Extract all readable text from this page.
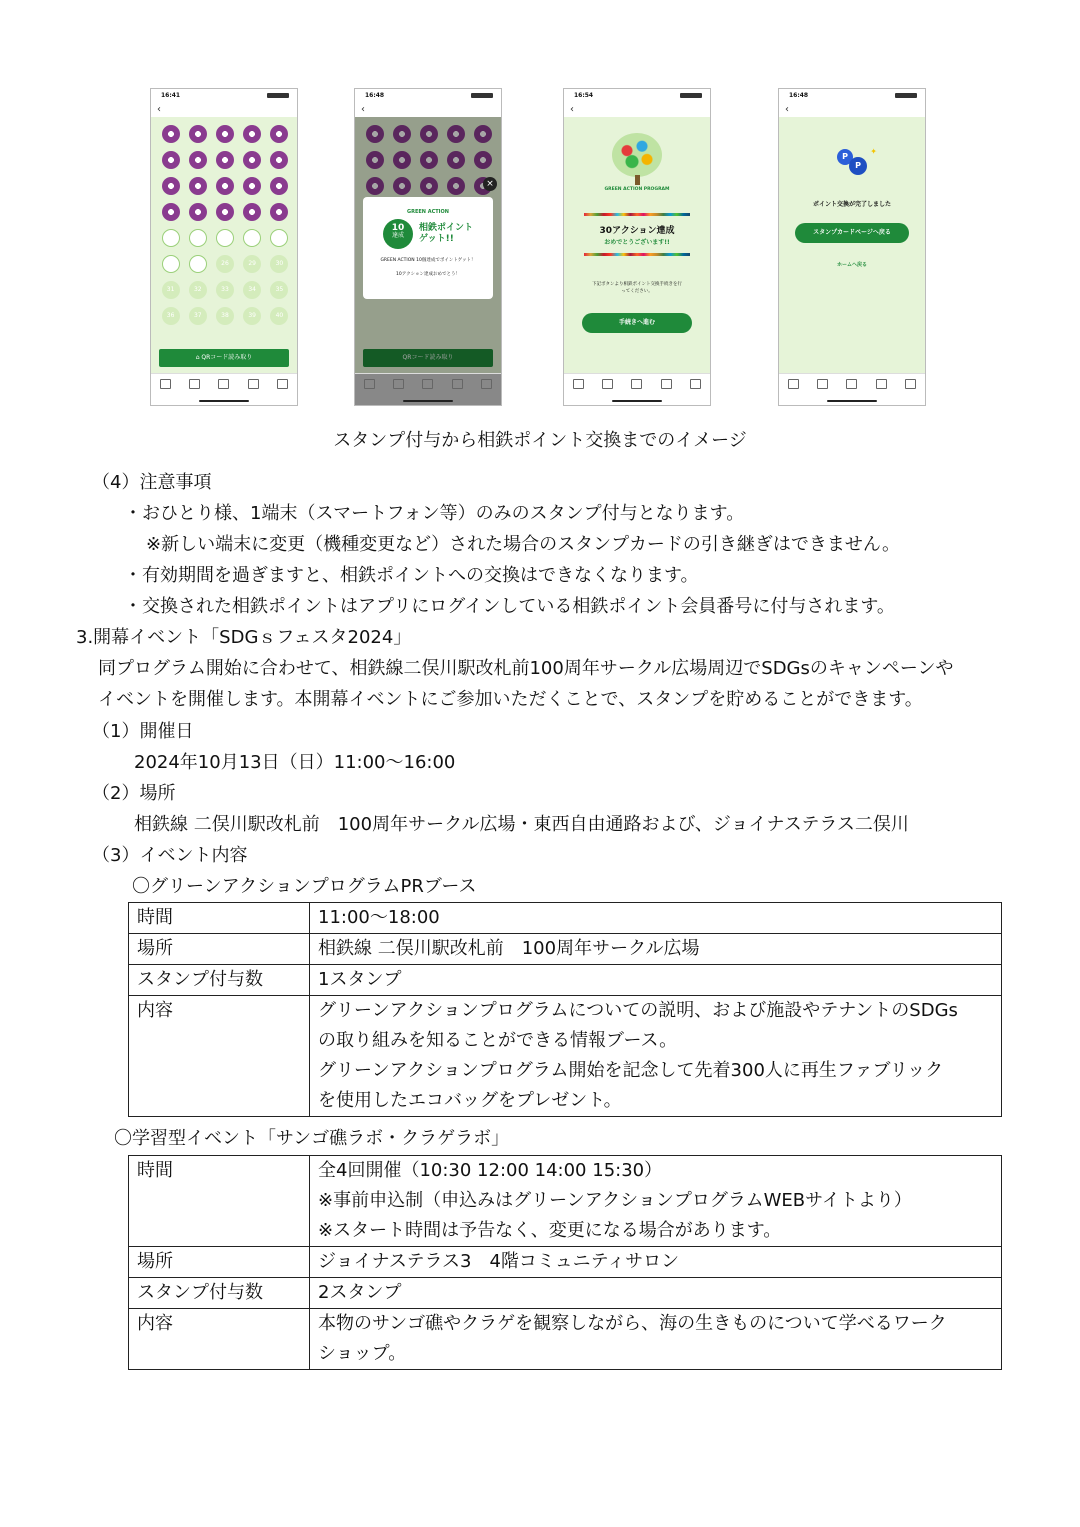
16:41
‹
26	29	30
31	32	33	34	35
36	37	38	39	40
⌂ QRコード読み取り
16:48
‹
QRコード読み取り
×
GREEN ACTION
10
達成
相鉄ポイント
ゲット!!
GREEN ACTION 10個達成でポイントゲット！
10アクション達成おめでとう！
16:54
‹
GREEN ACTION PROGRAM
30アクション達成
おめでとうございます!!
下記ボタンより相鉄ポイント交換手続きを行ってください。
手続きへ進む
16:48
‹
P
P
✦
ポイント交換が完了しました
スタンプカードページへ戻る
ホームへ戻る
スタンプ付与から相鉄ポイント交換までのイメージ
（4）注意事項
・おひとり様、1端末（スマートフォン等）のみのスタンプ付与となります。
※新しい端末に変更（機種変更など）された場合のスタンプカードの引き継ぎはできません。
・有効期間を過ぎますと、相鉄ポイントへの交換はできなくなります。
・交換された相鉄ポイントはアプリにログインしている相鉄ポイント会員番号に付与されます。
3.開幕イベント「SDGｓフェスタ2024」
同プログラム開始に合わせて、相鉄線二俣川駅改札前100周年サークル広場周辺でSDGsのキャンペーンや
イベントを開催します。本開幕イベントにご参加いただくことで、スタンプを貯めることができます。
（1）開催日
2024年10月13日（日）11:00～16:00
（2）場所
相鉄線 二俣川駅改札前　100周年サークル広場・東西自由通路および、ジョイナステラス二俣川
（3）イベント内容
〇グリーンアクションプログラムPRブース
時間	11:00～18:00

場所	相鉄線 二俣川駅改札前　100周年サークル広場

スタンプ付与数	1スタンプ

内容	グリーンアクションプログラムについての説明、および施設やテナントのSDGs
の取り組みを知ることができる情報ブース。
グリーンアクションプログラム開始を記念して先着300人に再生ファブリック
を使用したエコバッグをプレゼント。
〇学習型イベント「サンゴ礁ラボ・クラゲラボ」
時間	全4回開催（10:30 12:00 14:00 15:30）
※事前申込制（申込みはグリーンアクションプログラムWEBサイトより）
※スタート時間は予告なく、変更になる場合があります。

場所	ジョイナステラス3　4階コミュニティサロン

スタンプ付与数	2スタンプ

内容	本物のサンゴ礁やクラゲを観察しながら、海の生きものについて学べるワーク
ショップ。
